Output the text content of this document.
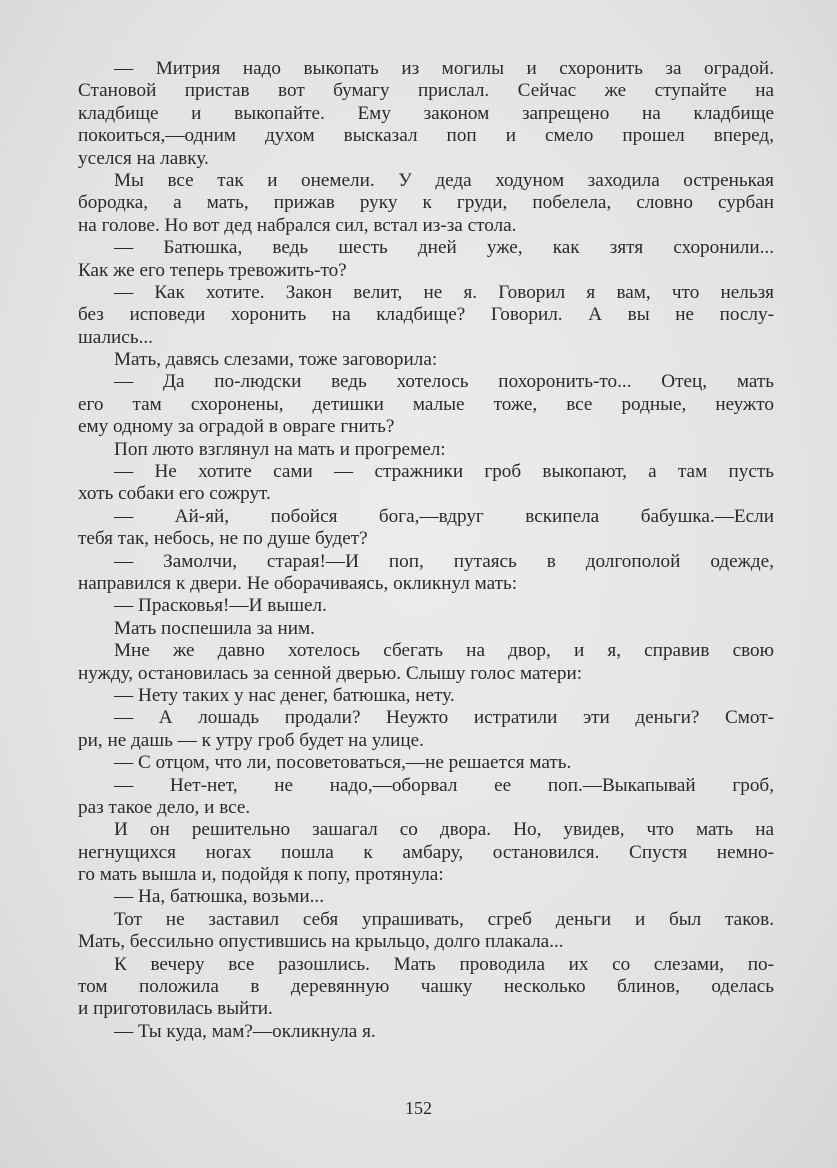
— Митрия надо выкопать из могилы и схоронить за оградой.
Становой пристав вот бумагу прислал. Сейчас же ступайте на
кладбище и выкопайте. Ему законом запрещено на кладбище
покоиться,—одним духом высказал поп и смело прошел вперед,
уселся на лавку.
Мы все так и онемели. У деда ходуном заходила остренькая
бородка, а мать, прижав руку к груди, побелела, словно сурбан
на голове. Но вот дед набрался сил, встал из-за стола.
— Батюшка, ведь шесть дней уже, как зятя схоронили...
Как же его теперь тревожить-то?
— Как хотите. Закон велит, не я. Говорил я вам, что нельзя
без исповеди хоронить на кладбище? Говорил. А вы не послу-
шались...
Мать, давясь слезами, тоже заговорила:
— Да по-людски ведь хотелось похоронить-то... Отец, мать
его там схоронены, детишки малые тоже, все родные, неужто
ему одному за оградой в овраге гнить?
Поп люто взглянул на мать и прогремел:
— Не хотите сами — стражники гроб выкопают, а там пусть
хоть собаки его сожрут.
— Ай-яй, побойся бога,—вдруг вскипела бабушка.—Если
тебя так, небось, не по душе будет?
— Замолчи, старая!—И поп, путаясь в долгополой одежде,
направился к двери. Не оборачиваясь, окликнул мать:
— Прасковья!—И вышел.
Мать поспешила за ним.
Мне же давно хотелось сбегать на двор, и я, справив свою
нужду, остановилась за сенной дверью. Слышу голос матери:
— Нету таких у нас денег, батюшка, нету.
— А лошадь продали? Неужто истратили эти деньги? Смот-
ри, не дашь — к утру гроб будет на улице.
— С отцом, что ли, посоветоваться,—не решается мать.
— Нет-нет, не надо,—оборвал ее поп.—Выкапывай гроб,
раз такое дело, и все.
И он решительно зашагал со двора. Но, увидев, что мать на
негнущихся ногах пошла к амбару, остановился. Спустя немно-
го мать вышла и, подойдя к попу, протянула:
— На, батюшка, возьми...
Тот не заставил себя упрашивать, сгреб деньги и был таков.
Мать, бессильно опустившись на крыльцо, долго плакала...
К вечеру все разошлись. Мать проводила их со слезами, по-
том положила в деревянную чашку несколько блинов, оделась
и приготовилась выйти.
— Ты куда, мам?—окликнула я.
152
